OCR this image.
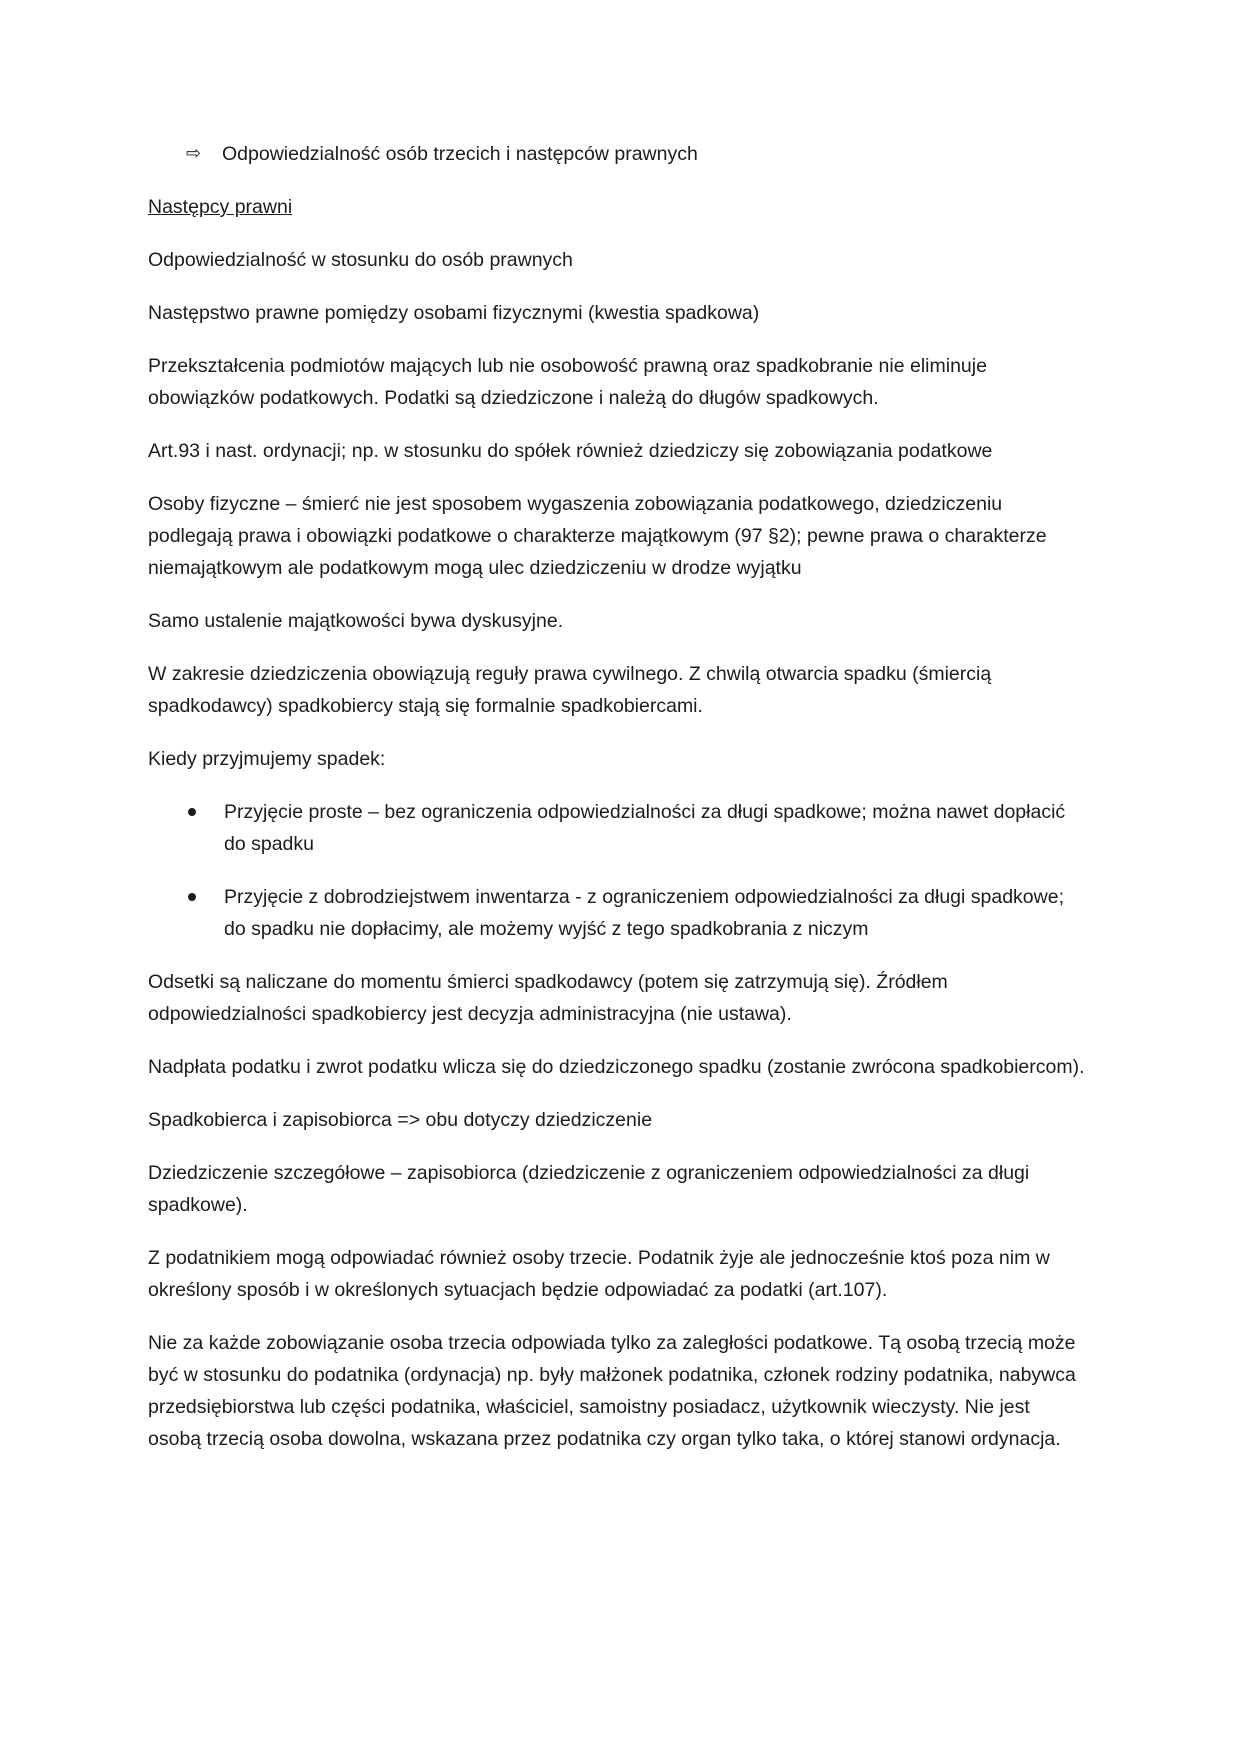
⇨	Odpowiedzialność osób trzecich i następców prawnych

Następcy prawni

Odpowiedzialność w stosunku do osób prawnych

Następstwo prawne pomiędzy osobami fizycznymi (kwestia spadkowa)

Przekształcenia podmiotów mających lub nie osobowość prawną oraz spadkobranie nie eliminuje obowiązków podatkowych. Podatki są dziedziczone i należą do długów spadkowych.

Art.93 i nast. ordynacji; np. w stosunku do spółek również dziedziczy się zobowiązania podatkowe

Osoby fizyczne – śmierć nie jest sposobem wygaszenia zobowiązania podatkowego, dziedziczeniu podlegają prawa i obowiązki podatkowe o charakterze majątkowym (97 §2); pewne prawa o charakterze niemajątkowym ale podatkowym mogą ulec dziedziczeniu w drodze wyjątku

Samo ustalenie majątkowości bywa dyskusyjne.

W zakresie dziedziczenia obowiązują reguły prawa cywilnego. Z chwilą otwarcia spadku (śmiercią spadkodawcy) spadkobiercy stają się formalnie spadkobiercami.

Kiedy przyjmujemy spadek:

Przyjęcie proste – bez ograniczenia odpowiedzialności za długi spadkowe; można nawet dopłacić do spadku
Przyjęcie z dobrodziejstwem inwentarza - z ograniczeniem odpowiedzialności za długi spadkowe; do spadku nie dopłacimy, ale możemy wyjść z tego spadkobrania z niczym

Odsetki są naliczane do momentu śmierci spadkodawcy (potem się zatrzymują się). Źródłem odpowiedzialności spadkobiercy jest decyzja administracyjna (nie ustawa).

Nadpłata podatku i zwrot podatku wlicza się do dziedziczonego spadku (zostanie zwrócona spadkobiercom).

Spadkobierca i zapisobiorca => obu dotyczy dziedziczenie

Dziedziczenie szczegółowe – zapisobiorca (dziedziczenie z ograniczeniem odpowiedzialności za długi spadkowe).

Z podatnikiem mogą odpowiadać również osoby trzecie. Podatnik żyje ale jednocześnie ktoś poza nim w określony sposób i w określonych sytuacjach będzie odpowiadać za podatki (art.107).

Nie za każde zobowiązanie osoba trzecia odpowiada tylko za zaległości podatkowe. Tą osobą trzecią może być w stosunku do podatnika (ordynacja) np. były małżonek podatnika, członek rodziny podatnika, nabywca przedsiębiorstwa lub części podatnika, właściciel, samoistny posiadacz, użytkownik wieczysty. Nie jest osobą trzecią osoba dowolna, wskazana przez podatnika czy organ tylko taka, o której stanowi ordynacja.
